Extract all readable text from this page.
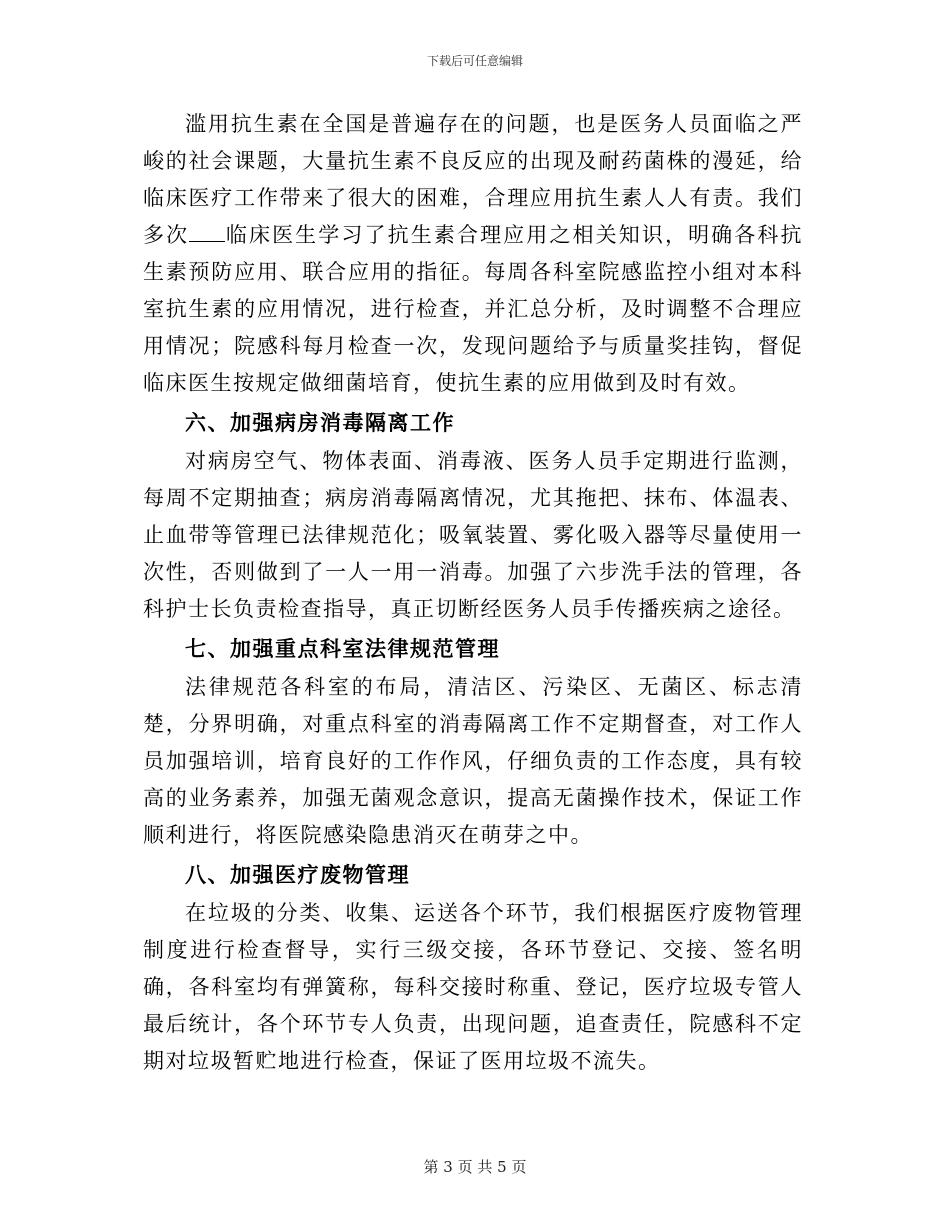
下载后可任意编辑

滥用抗生素在全国是普遍存在的问题，也是医务人员面临之严峻的社会课题，大量抗生素不良反应的出现及耐药菌株的漫延，给临床医疗工作带来了很大的困难，合理应用抗生素人人有责。我们多次 临床医生学习了抗生素合理应用之相关知识，明确各科抗生素预防应用、联合应用的指征。每周各科室院感监控小组对本科室抗生素的应用情况，进行检查，并汇总分析，及时调整不合理应用情况；院感科每月检查一次，发现问题给予与质量奖挂钩，督促临床医生按规定做细菌培育，使抗生素的应用做到及时有效。

六、加强病房消毒隔离工作

对病房空气、物体表面、消毒液、医务人员手定期进行监测，每周不定期抽查；病房消毒隔离情况，尤其拖把、抹布、体温表、止血带等管理已法律规范化；吸氧装置、雾化吸入器等尽量使用一次性，否则做到了一人一用一消毒。加强了六步洗手法的管理，各科护士长负责检查指导，真正切断经医务人员手传播疾病之途径。

七、加强重点科室法律规范管理

法律规范各科室的布局，清洁区、污染区、无菌区、标志清楚，分界明确，对重点科室的消毒隔离工作不定期督查，对工作人员加强培训，培育良好的工作作风，仔细负责的工作态度，具有较高的业务素养，加强无菌观念意识，提高无菌操作技术，保证工作顺利进行，将医院感染隐患消灭在萌芽之中。

八、加强医疗废物管理

在垃圾的分类、收集、运送各个环节，我们根据医疗废物管理制度进行检查督导，实行三级交接，各环节登记、交接、签名明确，各科室均有弹簧称，每科交接时称重、登记，医疗垃圾专管人最后统计，各个环节专人负责，出现问题，追查责任，院感科不定期对垃圾暂贮地进行检查，保证了医用垃圾不流失。

第 3 页 共 5 页
